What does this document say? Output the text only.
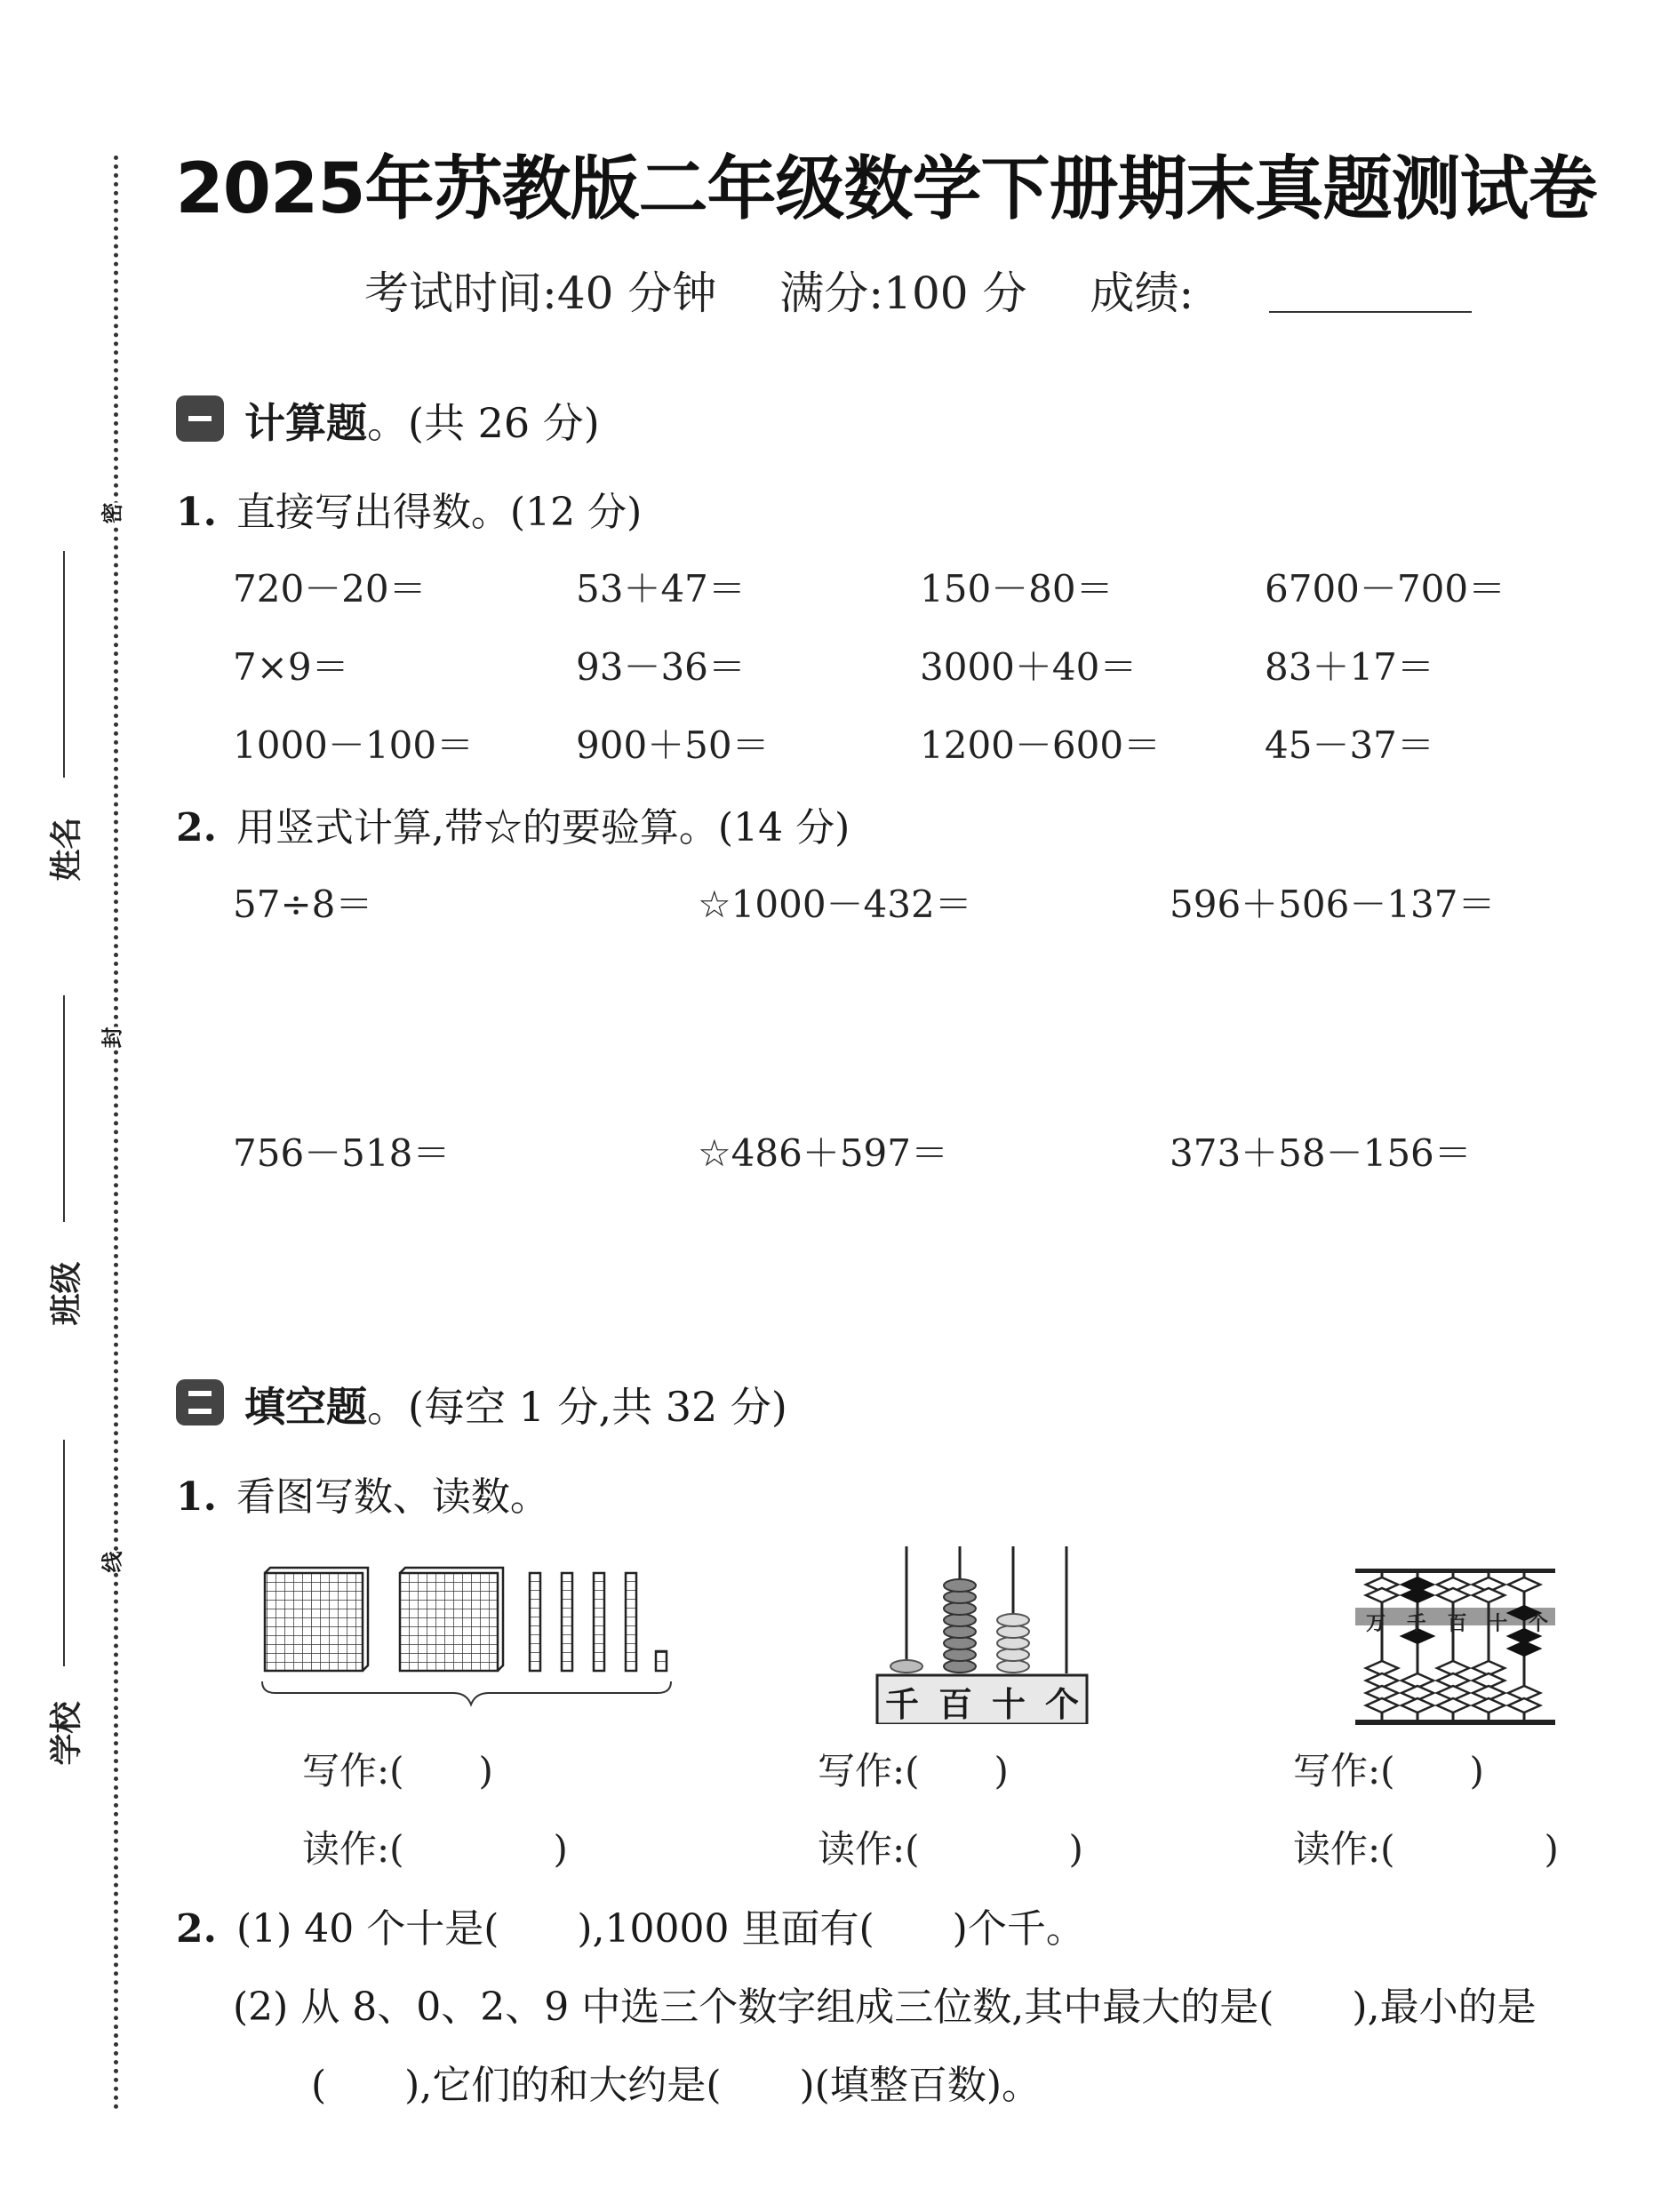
密
封
线
姓名
班级
学校
2025年苏教版二年级数学下册期末真题测试卷
考试时间:40 分钟 满分:100 分 成绩:
计算题。(共 26 分)
1. 直接写出得数。(12 分)
720－20＝	53＋47＝	150－80＝	6700－700＝
7×9＝	93－36＝	3000＋40＝	83＋17＝
1000－100＝	900＋50＝	1200－600＝	45－37＝
2. 用竖式计算,带☆的要验算。(14 分)
57÷8＝	☆1000－432＝	596＋506－137＝
756－518＝	☆486＋597＝	373＋58－156＝
填空题。(每空 1 分,共 32 分)
1. 看图写数、读数。
千 百 十 个
万 千 百 十 个
写作:(　　)	写作:(　　)	写作:(　　)
读作:(　　　　)	读作:(　　　　)	读作:(　　　　)
2. (1) 40 个十是(　　),10000 里面有(　　)个千。
(2) 从 8、0、2、9 中选三个数字组成三位数,其中最大的是(　　),最小的是
(　　),它们的和大约是(　　)(填整百数)。
